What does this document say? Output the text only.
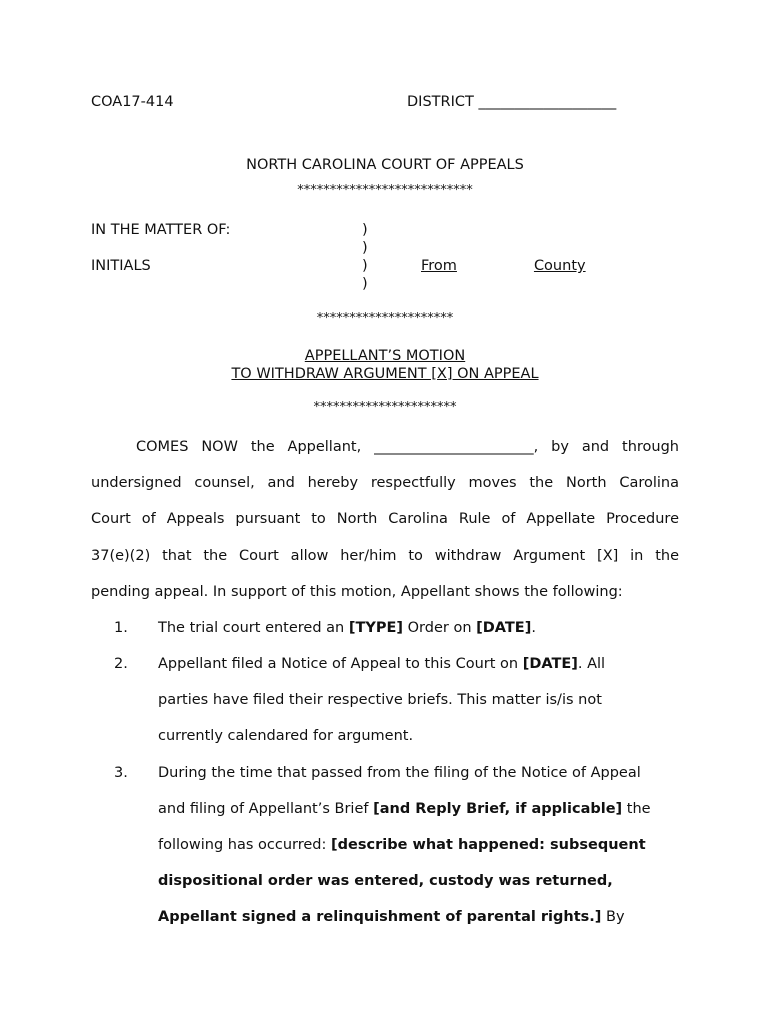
COA17-414	DISTRICT ___________________
NORTH CAROLINA COURT OF APPEALS
***************************
IN THE MATTER OF:
INITIALS
)
)
)
)
From	County
*********************
APPELLANT’S MOTION
TO WITHDRAW ARGUMENT [X] ON APPEAL
**********************
COMES NOW the Appellant, ______________________, by and through
undersigned counsel, and hereby respectfully moves the North Carolina
Court of Appeals pursuant to North Carolina Rule of Appellate Procedure
37(e)(2) that the Court allow her/him to withdraw Argument [X] in the
pending appeal. In support of this motion, Appellant shows the following:
1. The trial court entered an [TYPE] Order on [DATE].
2. Appellant filed a Notice of Appeal to this Court on [DATE]. All
parties have filed their respective briefs. This matter is/is not
currently calendared for argument.
3. During the time that passed from the filing of the Notice of Appeal
and filing of Appellant’s Brief [and Reply Brief, if applicable] the
following has occurred: [describe what happened: subsequent
dispositional order was entered, custody was returned,
Appellant signed a relinquishment of parental rights.] By
